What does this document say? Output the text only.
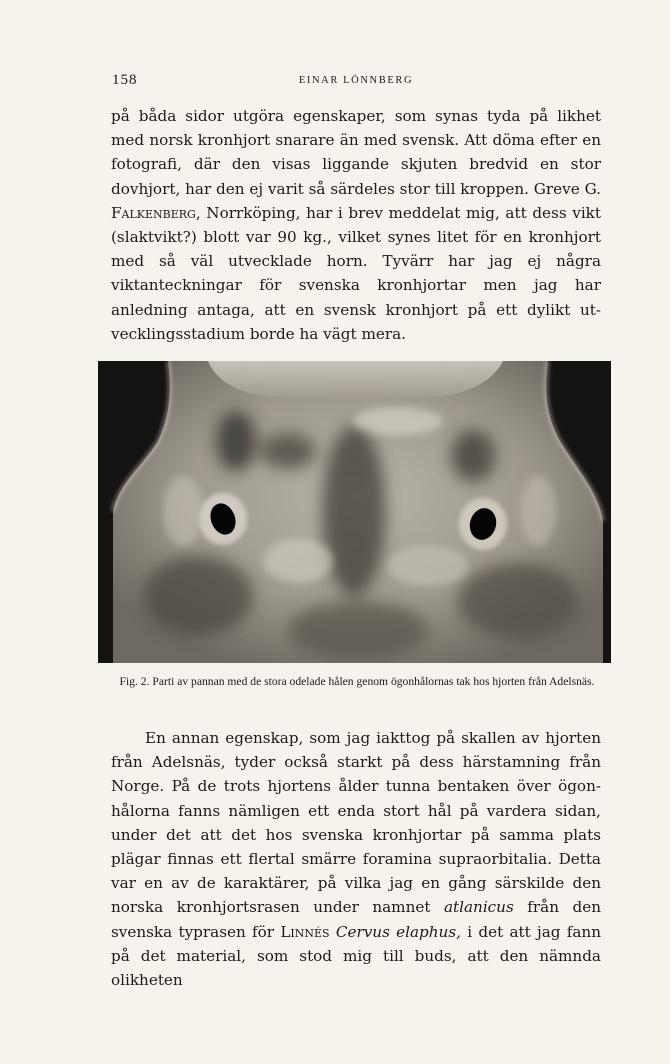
158	EINAR LÖNNBERG

på båda sidor utgöra egenskaper, som synas tyda på likhet med norsk kronhjort snarare än med svensk. Att döma efter en fotografi, där den visas liggande skjuten bredvid en stor dovhjort, har den ej varit så särdeles stor till kroppen. Greve G. Falkenberg, Norrköping, har i brev meddelat mig, att dess vikt (slaktvikt?) blott var 90 kg., vilket synes litet för en kronhjort med så väl utvecklade horn. Tyvärr har jag ej några viktanteckningar för svenska kronhjortar men jag har anledning antaga, att en svensk kronhjort på ett dylikt utvecklingsstadium borde ha vägt mera.

Fig. 2. Parti av pannan med de stora odelade hålen genom ögonhålornas tak hos hjorten från Adelsnäs.

En annan egenskap, som jag iakttog på skallen av hjorten från Adelsnäs, tyder också starkt på dess härstamning från Norge. På de trots hjortens ålder tunna bentaken över ögonhålorna fanns nämligen ett enda stort hål på vardera sidan, under det att det hos svenska kronhjortar på samma plats plägar finnas ett flertal smärre foramina supraorbitalia. Detta var en av de karaktärer, på vilka jag en gång särskilde den norska kronhjortsrasen under namnet atlanicus från den svenska typrasen för Linnés Cervus elaphus, i det att jag fann på det material, som stod mig till buds, att den nämnda olikheten
